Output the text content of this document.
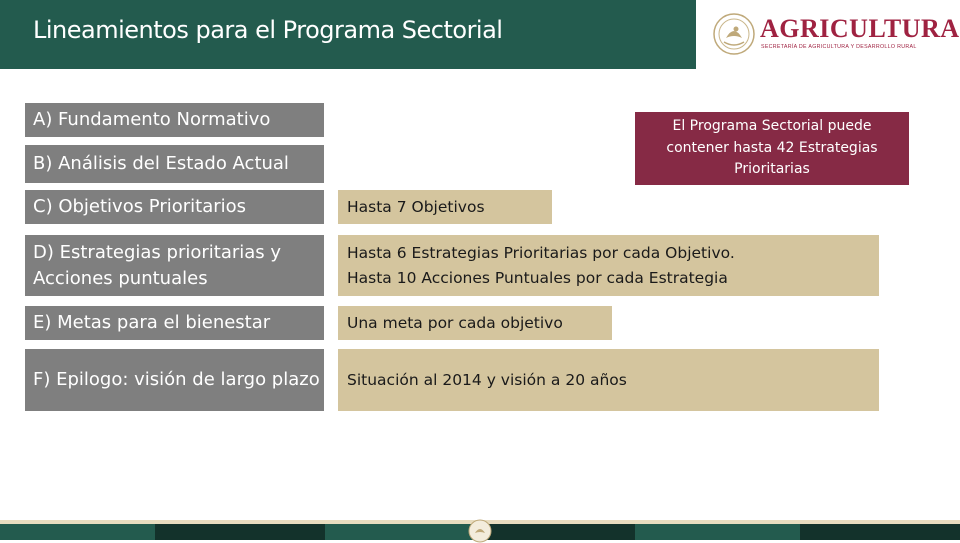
Lineamientos para el Programa Sectorial	AGRICULTURA
SECRETARÍA DE AGRICULTURA Y DESARROLLO RURAL
A) Fundamento Normativo
B) Análisis del Estado Actual
C) Objetivos Prioritarios
D) Estrategias prioritarias y Acciones puntuales
E) Metas para el bienestar
F) Epilogo: visión de largo plazo
Hasta 7 Objetivos
Hasta 6 Estrategias Prioritarias por cada Objetivo.
Hasta 10 Acciones Puntuales por cada Estrategia
Una meta por cada objetivo
Situación al 2014 y visión a 20 años
El Programa Sectorial puede contener hasta 42 Estrategias Prioritarias
